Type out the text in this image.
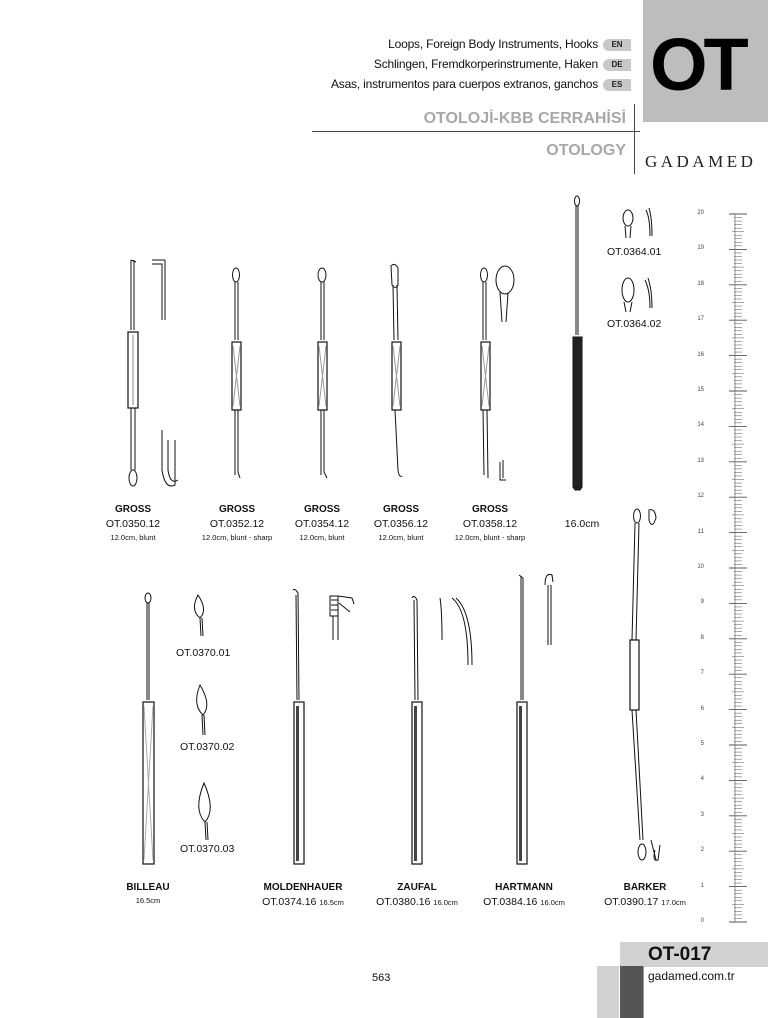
Loops, Foreign Body Instruments, Hooks	EN
Schlingen, Fremdkorperinstrumente, Haken	DE
Asas, instrumentos para cuerpos extranos, ganchos	ES OT
OTOLOJİ-KBB CERRAHİSİ
OTOLOGY
GADAMED
GROSS
OT.0350.12
12.0cm, blunt
GROSS
OT.0352.12
12.0cm, blunt - sharp
GROSS
OT.0354.12
12.0cm, blunt
GROSS
OT.0356.12
12.0cm, blunt
GROSS
OT.0358.12
12.0cm, blunt - sharp
16.0cm
OT.0364.01
OT.0364.02
OT.0370.01
OT.0370.02
OT.0370.03
BILLEAU
16.5cm
MOLDENHAUER
OT.0374.16 16.5cm
ZAUFAL
OT.0380.16 16.0cm
HARTMANN
OT.0384.16 16.0cm
BARKER
OT.0390.17 17.0cm
20
19
18
17
16
15
14
13
12
11
10
9
8
7
6
5
4
3
2
1
0
OT-017
gadamed.com.tr
563
